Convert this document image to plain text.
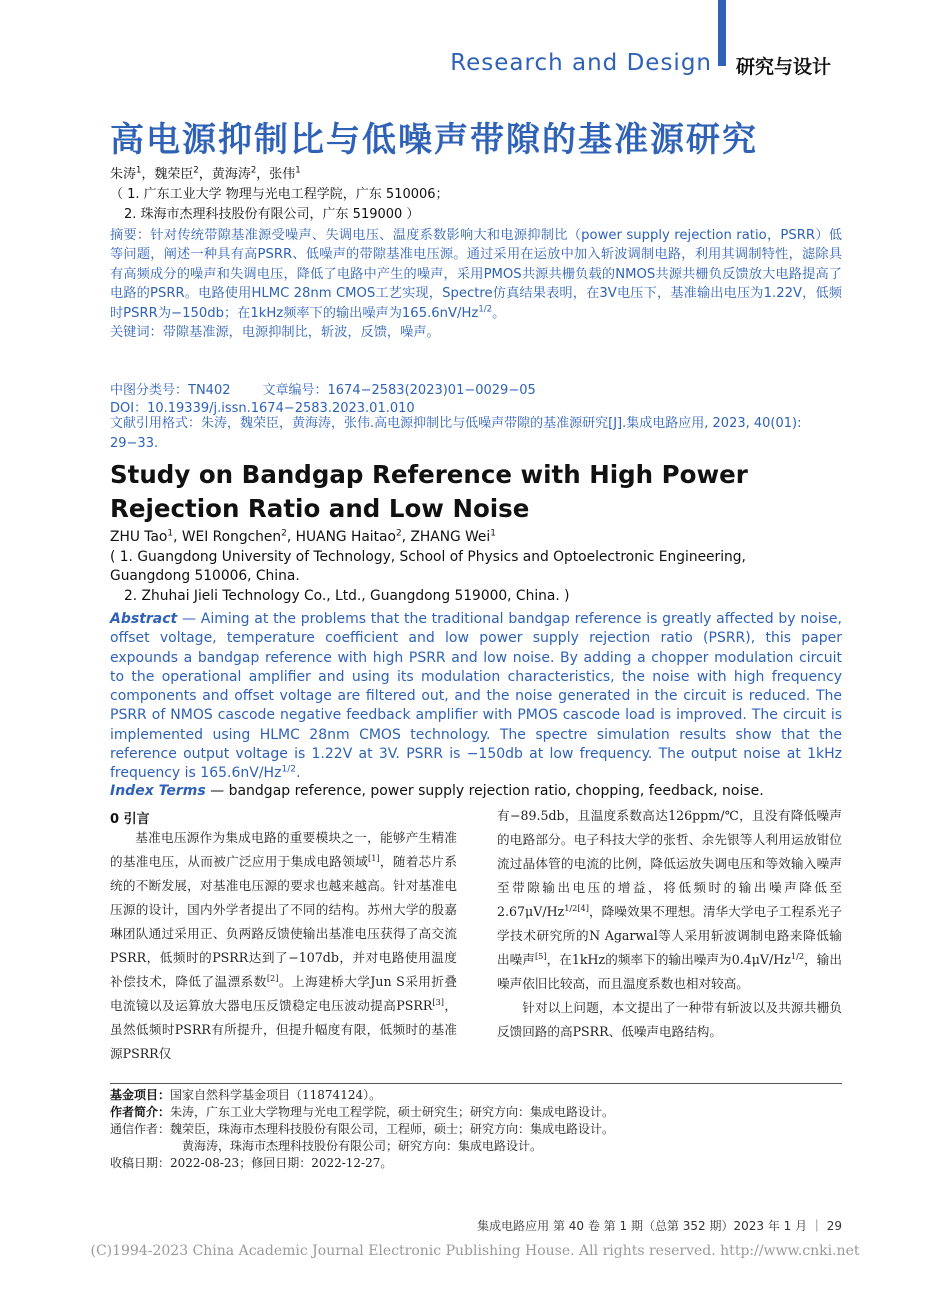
Research and Design 研究与设计
高电源抑制比与低噪声带隙的基准源研究
朱涛$^1$，魏荣臣$^2$，黄海涛$^2$，张伟$^1$
（ 1. 广东工业大学 物理与光电工程学院，广东 510006；
2. 珠海市杰理科技股份有限公司，广东 519000 ）
摘要：针对传统带隙基准源受噪声、失调电压、温度系数影响大和电源抑制比（power supply rejection ratio，PSRR）低等问题，阐述一种具有高PSRR、低噪声的带隙基准电压源。通过采用在运放中加入斩波调制电路，利用其调制特性，滤除具有高频成分的噪声和失调电压，降低了电路中产生的噪声，采用PMOS共源共栅负载的NMOS共源共栅负反馈放大电路提高了电路的PSRR。电路使用HLMC 28nm CMOS工艺实现，Spectre仿真结果表明，在3V电压下，基准输出电压为1.22V，低频时PSRR为−150db；在1kHz频率下的输出噪声为$165.6nV/Hz^{1/2}$。
关键词：带隙基准源，电源抑制比，斩波，反馈，噪声。
中图分类号：TN402 文章编号：1674−2583(2023)01−0029−05
DOI：10.19339/j.issn.1674−2583.2023.01.010
文献引用格式：朱涛，魏荣臣，黄海涛，张伟.高电源抑制比与低噪声带隙的基准源研究[J].集成电路应用, 2023, 40(01): 29−33.
Study on Bandgap Reference with High Power Rejection Ratio and Low Noise
ZHU Tao$^1$, WEI Rongchen$^2$, HUANG Haitao$^2$, ZHANG Wei$^1$
( 1. Guangdong University of Technology, School of Physics and Optoelectronic Engineering,
Guangdong 510006, China.
2. Zhuhai Jieli Technology Co., Ltd., Guangdong 519000, China. )
Abstract — Aiming at the problems that the traditional bandgap reference is greatly affected by noise, offset voltage, temperature coefficient and low power supply rejection ratio (PSRR), this paper expounds a bandgap reference with high PSRR and low noise. By adding a chopper modulation circuit to the operational amplifier and using its modulation characteristics, the noise with high frequency components and offset voltage are filtered out, and the noise generated in the circuit is reduced. The PSRR of NMOS cascode negative feedback amplifier with PMOS cascode load is improved. The circuit is implemented using HLMC 28nm CMOS technology. The spectre simulation results show that the reference output voltage is 1.22V at 3V. PSRR is −150db at low frequency. The output noise at 1kHz frequency is $165.6nV/Hz^{1/2}$.
Index Terms — bandgap reference, power supply rejection ratio, chopping, feedback, noise.
0 引言

基准电压源作为集成电路的重要模块之一，能够产生精准的基准电压，从而被广泛应用于集成电路领域[1]，随着芯片系统的不断发展，对基准电压源的要求也越来越高。针对基准电压源的设计，国内外学者提出了不同的结构。苏州大学的殷嘉琳团队通过采用正、负两路反馈使输出基准电压获得了高交流PSRR，低频时的PSRR达到了−107db，并对电路使用温度补偿技术，降低了温漂系数[2]。上海建桥大学Jun S采用折叠电流镜以及运算放大器电压反馈稳定电压波动提高PSRR[3]，虽然低频时PSRR有所提升，但提升幅度有限，低频时的基准源PSRR仅

有−89.5db，且温度系数高达126ppm/℃，且没有降低噪声的电路部分。电子科技大学的张哲、余先银等人利用运放钳位流过晶体管的电流的比例，降低运放失调电压和等效输入噪声至带隙输出电压的增益，将低频时的输出噪声降低至$2.67\mu V/Hz^{1/2[4]}$，降噪效果不理想。清华大学电子工程系光子学技术研究所的N Agarwal等人采用斩波调制电路来降低输出噪声[5]，在1kHz的频率下的输出噪声为$0.4\mu V/Hz^{1/2}$，输出噪声依旧比较高，而且温度系数也相对较高。

针对以上问题，本文提出了一种带有斩波以及共源共栅负反馈回路的高PSRR、低噪声电路结构。

基金项目：国家自然科学基金项目（11874124）。
作者简介：朱涛，广东工业大学物理与光电工程学院，硕士研究生；研究方向：集成电路设计。
通信作者：魏荣臣，珠海市杰理科技股份有限公司，工程师，硕士；研究方向：集成电路设计。
黄海涛，珠海市杰理科技股份有限公司；研究方向：集成电路设计。
收稿日期：2022-08-23；修回日期：2022-12-27。
集成电路应用 第 40 卷 第 1 期（总第 352 期）2023 年 1 月 ｜ 29
(C)1994-2023 China Academic Journal Electronic Publishing House. All rights reserved. http://www.cnki.net
